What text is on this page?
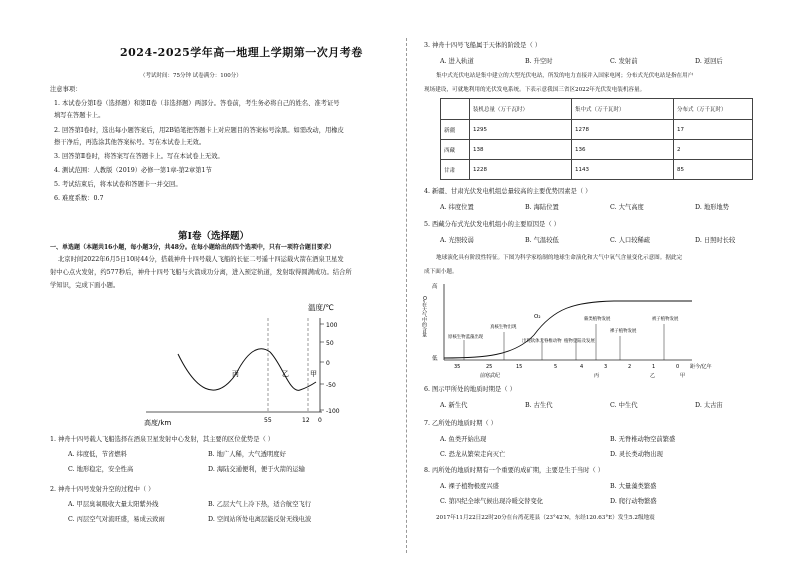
2024-2025学年高一地理上学期第一次月考卷
（考试时间：75分钟 试卷满分：100分）
注意事项：
1. 本试卷分第Ⅰ卷（选择题）和第Ⅱ卷（非选择题）两部分。答卷前，考生务必将自己的姓名、准考证号
填写在答题卡上。
2. 回答第Ⅰ卷时，选出每小题答案后，用2B铅笔把答题卡上对应题目的答案标号涂黑。如需改动，用橡皮
擦干净后，再选涂其他答案标号。写在本试卷上无效。
3. 回答第Ⅱ卷时，将答案写在答题卡上。写在本试卷上无效。
4. 测试范围：人教版（2019）必修一第1章-第2章第1节
5. 考试结束后，将本试卷和答题卡一并交回。
6. 难度系数：0.7
第Ⅰ卷（选择题）
一、单选题（本题共16小题，每小题3分，共48分。在每小题给出的四个选项中，只有一项符合题目要求）
北京时间2022年6月5日10时44分，搭载神舟十四号载人飞船的长征二号遥十四运载火箭在酒泉卫星发
射中心点火发射，约577秒后，神舟十四号飞船与火箭成功分离，进入预定轨道，发射取得圆满成功。结合所
学知识，完成下面小题。
温度/℃
100
50
0
-50
-100
丙	乙	甲
55	12 0
高度/km
1. 神舟十四号载人飞船选择在酒泉卫星发射中心发射，其主要的区位优势是（ ）
A. 纬度低，节省燃料	B. 地广人稀，大气透明度好
C. 地形稳定，安全性高	D. 海陆交通便利，便于火箭的运输
2. 神舟十四号发射升空的过程中（ ）
A. 甲层臭氧吸收大量太阳紫外线	B. 乙层大气上冷下热，适合航空飞行
C. 丙层空气对流旺盛，易成云致雨	D. 空间站所处电离层能反射无线电波
3. 神舟十四号飞船属于天体的阶段是（ ）
A. 进入轨道	B. 升空时	C. 发射前	D. 返回后
集中式光伏电站是集中建立的大型光伏电站，所发的电力直接并入国家电网；分布式光伏电站是指在用户
现场建设，可就地利用的光伏发电系统。下表示意我国三省区2022年光伏发电装机容量。
	装机总量（万千瓦时）	集中式（万千瓦时）	分布式（万千瓦时）
新疆	1295	1278	17
西藏	138	136	2
甘肃	1228	1143	85
4. 新疆、甘肃光伏发电机组总量较高的主要优势因素是（ ）
A. 纬度位置	B. 海陆位置	C. 大气高度	D. 地形地势
5. 西藏分布式光伏发电机组小的主要原因是（ ）
A. 光照较弱	B. 气温较低	C. 人口较稀疏	D. 日照时长较
地球演化具有阶段性特征。下图为科学家绘制的地球生命演化和大气中氧气含量变化示意图。据此完
成下面小题。
高
低
O₂在大气中的含量	O₂
原核生物蓝藻出现
真核生物出现
出现软体无脊椎动物 植物登陆及发展
蕨类植物发展
裸子植物发展
被子植物发展
35	25	15	5	4	3	2	1	0 距今/亿年
前寒武纪	丙	乙	甲
6. 图示甲所处的地质时期是（ ）
A. 新生代	B. 古生代	C. 中生代	D. 太古宙
7. 乙所处的地质时期（ ）
A. 鱼类开始出现	B. 无脊椎动物空前繁盛
C. 恐龙从繁荣走向灭亡	D. 灵长类动物出现
8. 丙所处的地质时期有一个重要的成矿期，主要是生于当时（ ）
A. 裸子植物极度兴盛	B. 大量藻类繁盛
C. 第四纪全球气候出现冷暖交替变化	D. 爬行动物繁盛
2017年11月22日22时20分在台湾花莲县（23°42′N，东经120.63°E）发生5.2级地震
